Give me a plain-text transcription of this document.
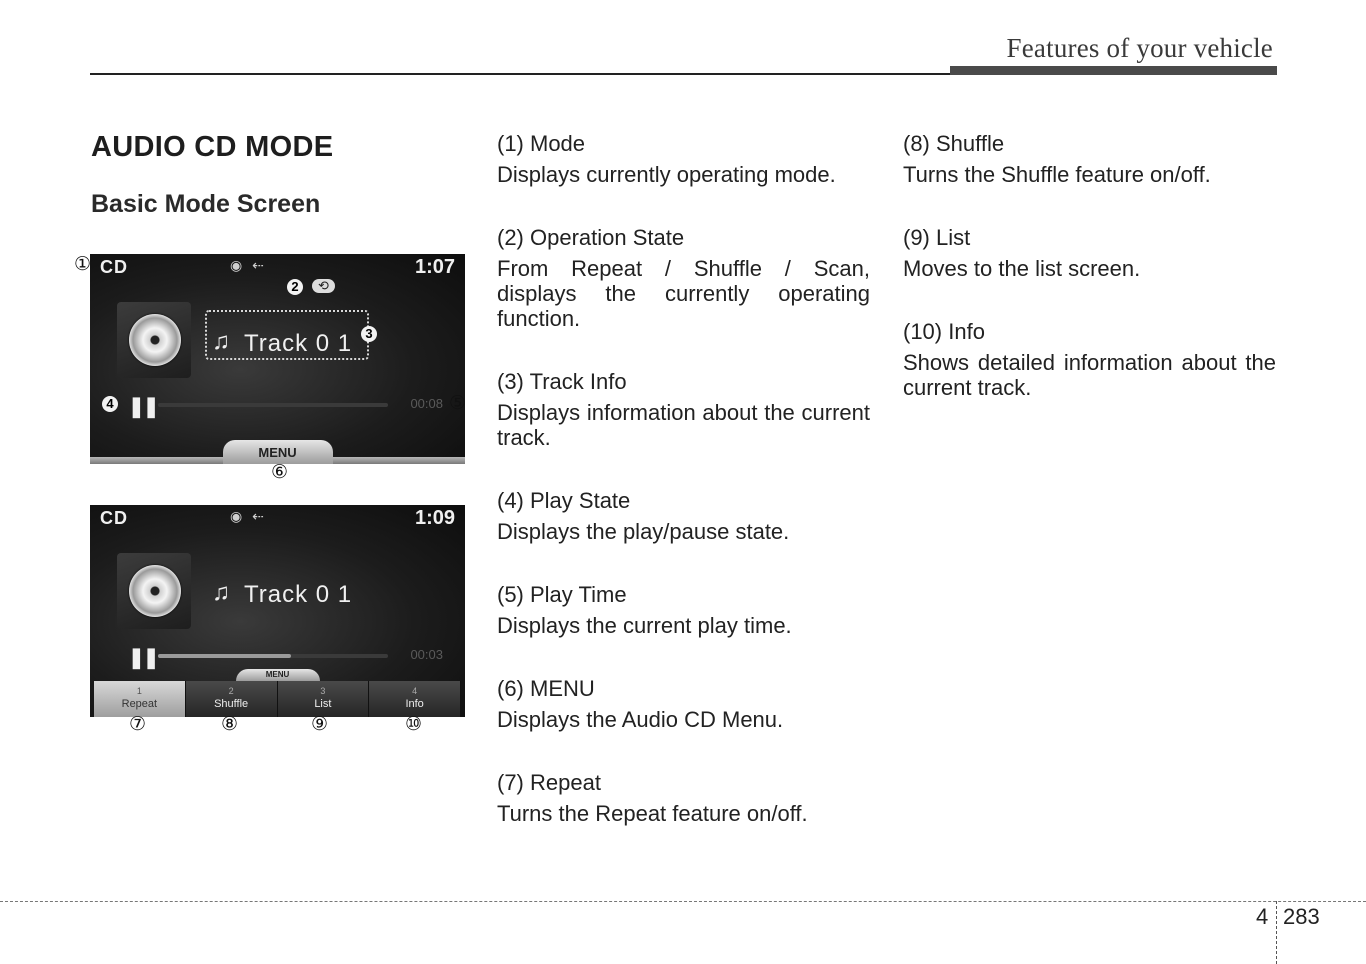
Features of your vehicle
AUDIO CD MODE
Basic Mode Screen
CD	◉ ⇠	1:07
⟲
♫ Track 0 1
❚❚	00:08
MENU
CD	◉ ⇠	1:09
♫ Track 0 1
❚❚	00:03
MENU
1
Repeat
2
Shuffle
3
List
4
Info
①
2
3
4	⑤
⑥
⑦	⑧	⑨	⑩
(1) Mode
Displays currently operating mode.
(2) Operation State
From Repeat / Shuffle / Scan, displays the currently operating function.
(3) Track Info
Displays information about the current track.
(4) Play State
Displays the play/pause state.
(5) Play Time
Displays the current play time.
(6) MENU
Displays the Audio CD Menu.
(7) Repeat
Turns the Repeat feature on/off.
(8) Shuffle
Turns the Shuffle feature on/off.
(9) List
Moves to the list screen.
(10) Info
Shows detailed information about the current track.
4 283
